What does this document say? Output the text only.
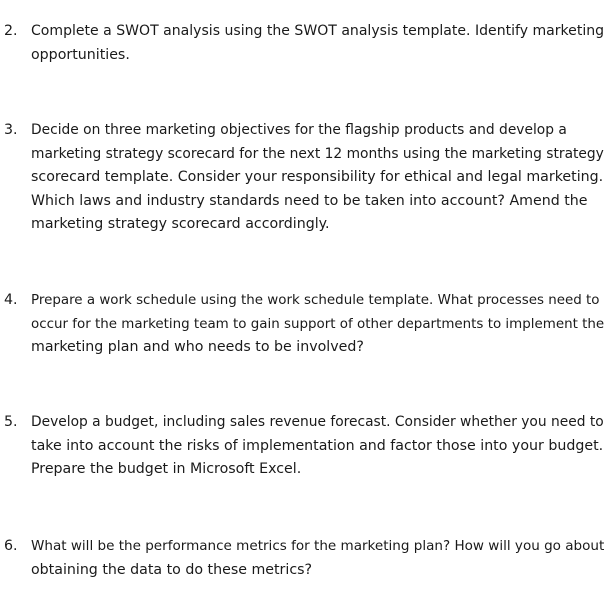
2. Complete a SWOT analysis using the SWOT analysis template. Identify marketing
opportunities.
3. Decide on three marketing objectives for the flagship products and develop a
marketing strategy scorecard for the next 12 months using the marketing strategy
scorecard template. Consider your responsibility for ethical and legal marketing.
Which laws and industry standards need to be taken into account? Amend the
marketing strategy scorecard accordingly.
4.	Prepare a work schedule using the work schedule template. What processes need to
occur for the marketing team to gain support of other departments to implement the
marketing plan and who needs to be involved?
5. Develop a budget, including sales revenue forecast. Consider whether you need to
take into account the risks of implementation and factor those into your budget.
Prepare the budget in Microsoft Excel.
6. What will be the performance metrics for the marketing plan? How will you go about
obtaining the data to do these metrics?
